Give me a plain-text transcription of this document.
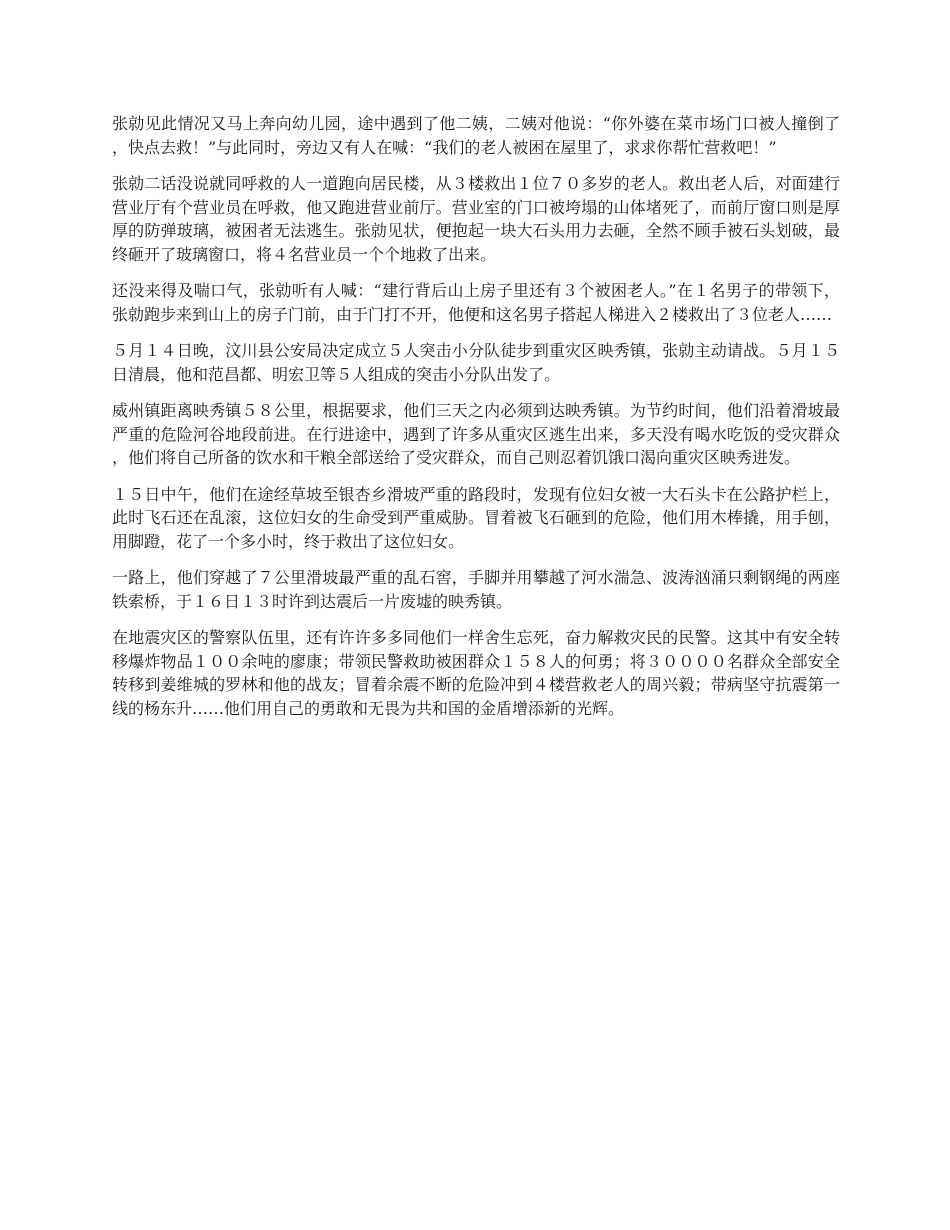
张勍见此情况又马上奔向幼儿园，途中遇到了他二姨，二姨对他说：“你外婆在菜市场门口被人撞倒了，快点去救！”与此同时，旁边又有人在喊：“我们的老人被困在屋里了，求求你帮忙营救吧！”

张勍二话没说就同呼救的人一道跑向居民楼，从３楼救出１位７０多岁的老人。救出老人后，对面建行营业厅有个营业员在呼救，他又跑进营业前厅。营业室的门口被垮塌的山体堵死了，而前厅窗口则是厚厚的防弹玻璃，被困者无法逃生。张勍见状，便抱起一块大石头用力去砸，全然不顾手被石头划破，最终砸开了玻璃窗口，将４名营业员一个个地救了出来。

还没来得及喘口气，张勍听有人喊：“建行背后山上房子里还有３个被困老人。”在１名男子的带领下，张勍跑步来到山上的房子门前，由于门打不开，他便和这名男子搭起人梯进入２楼救出了３位老人……

５月１４日晚，汶川县公安局决定成立５人突击小分队徒步到重灾区映秀镇，张勍主动请战。５月１５日清晨，他和范昌都、明宏卫等５人组成的突击小分队出发了。

威州镇距离映秀镇５８公里，根据要求，他们三天之内必须到达映秀镇。为节约时间，他们沿着滑坡最严重的危险河谷地段前进。在行进途中，遇到了许多从重灾区逃生出来，多天没有喝水吃饭的受灾群众，他们将自己所备的饮水和干粮全部送给了受灾群众，而自己则忍着饥饿口渴向重灾区映秀进发。

１５日中午，他们在途经草坡至银杏乡滑坡严重的路段时，发现有位妇女被一大石头卡在公路护栏上，此时飞石还在乱滚，这位妇女的生命受到严重威胁。冒着被飞石砸到的危险，他们用木棒撬，用手刨，用脚蹬，花了一个多小时，终于救出了这位妇女。

一路上，他们穿越了７公里滑坡最严重的乱石窖，手脚并用攀越了河水湍急、波涛汹涌只剩钢绳的两座铁索桥，于１６日１３时许到达震后一片废墟的映秀镇。

在地震灾区的警察队伍里，还有许许多多同他们一样舍生忘死，奋力解救灾民的民警。这其中有安全转移爆炸物品１００余吨的廖康；带领民警救助被困群众１５８人的何勇；将３００００名群众全部安全转移到姜维城的罗林和他的战友；冒着余震不断的危险冲到４楼营救老人的周兴毅；带病坚守抗震第一线的杨东升……他们用自己的勇敢和无畏为共和国的金盾增添新的光辉。
